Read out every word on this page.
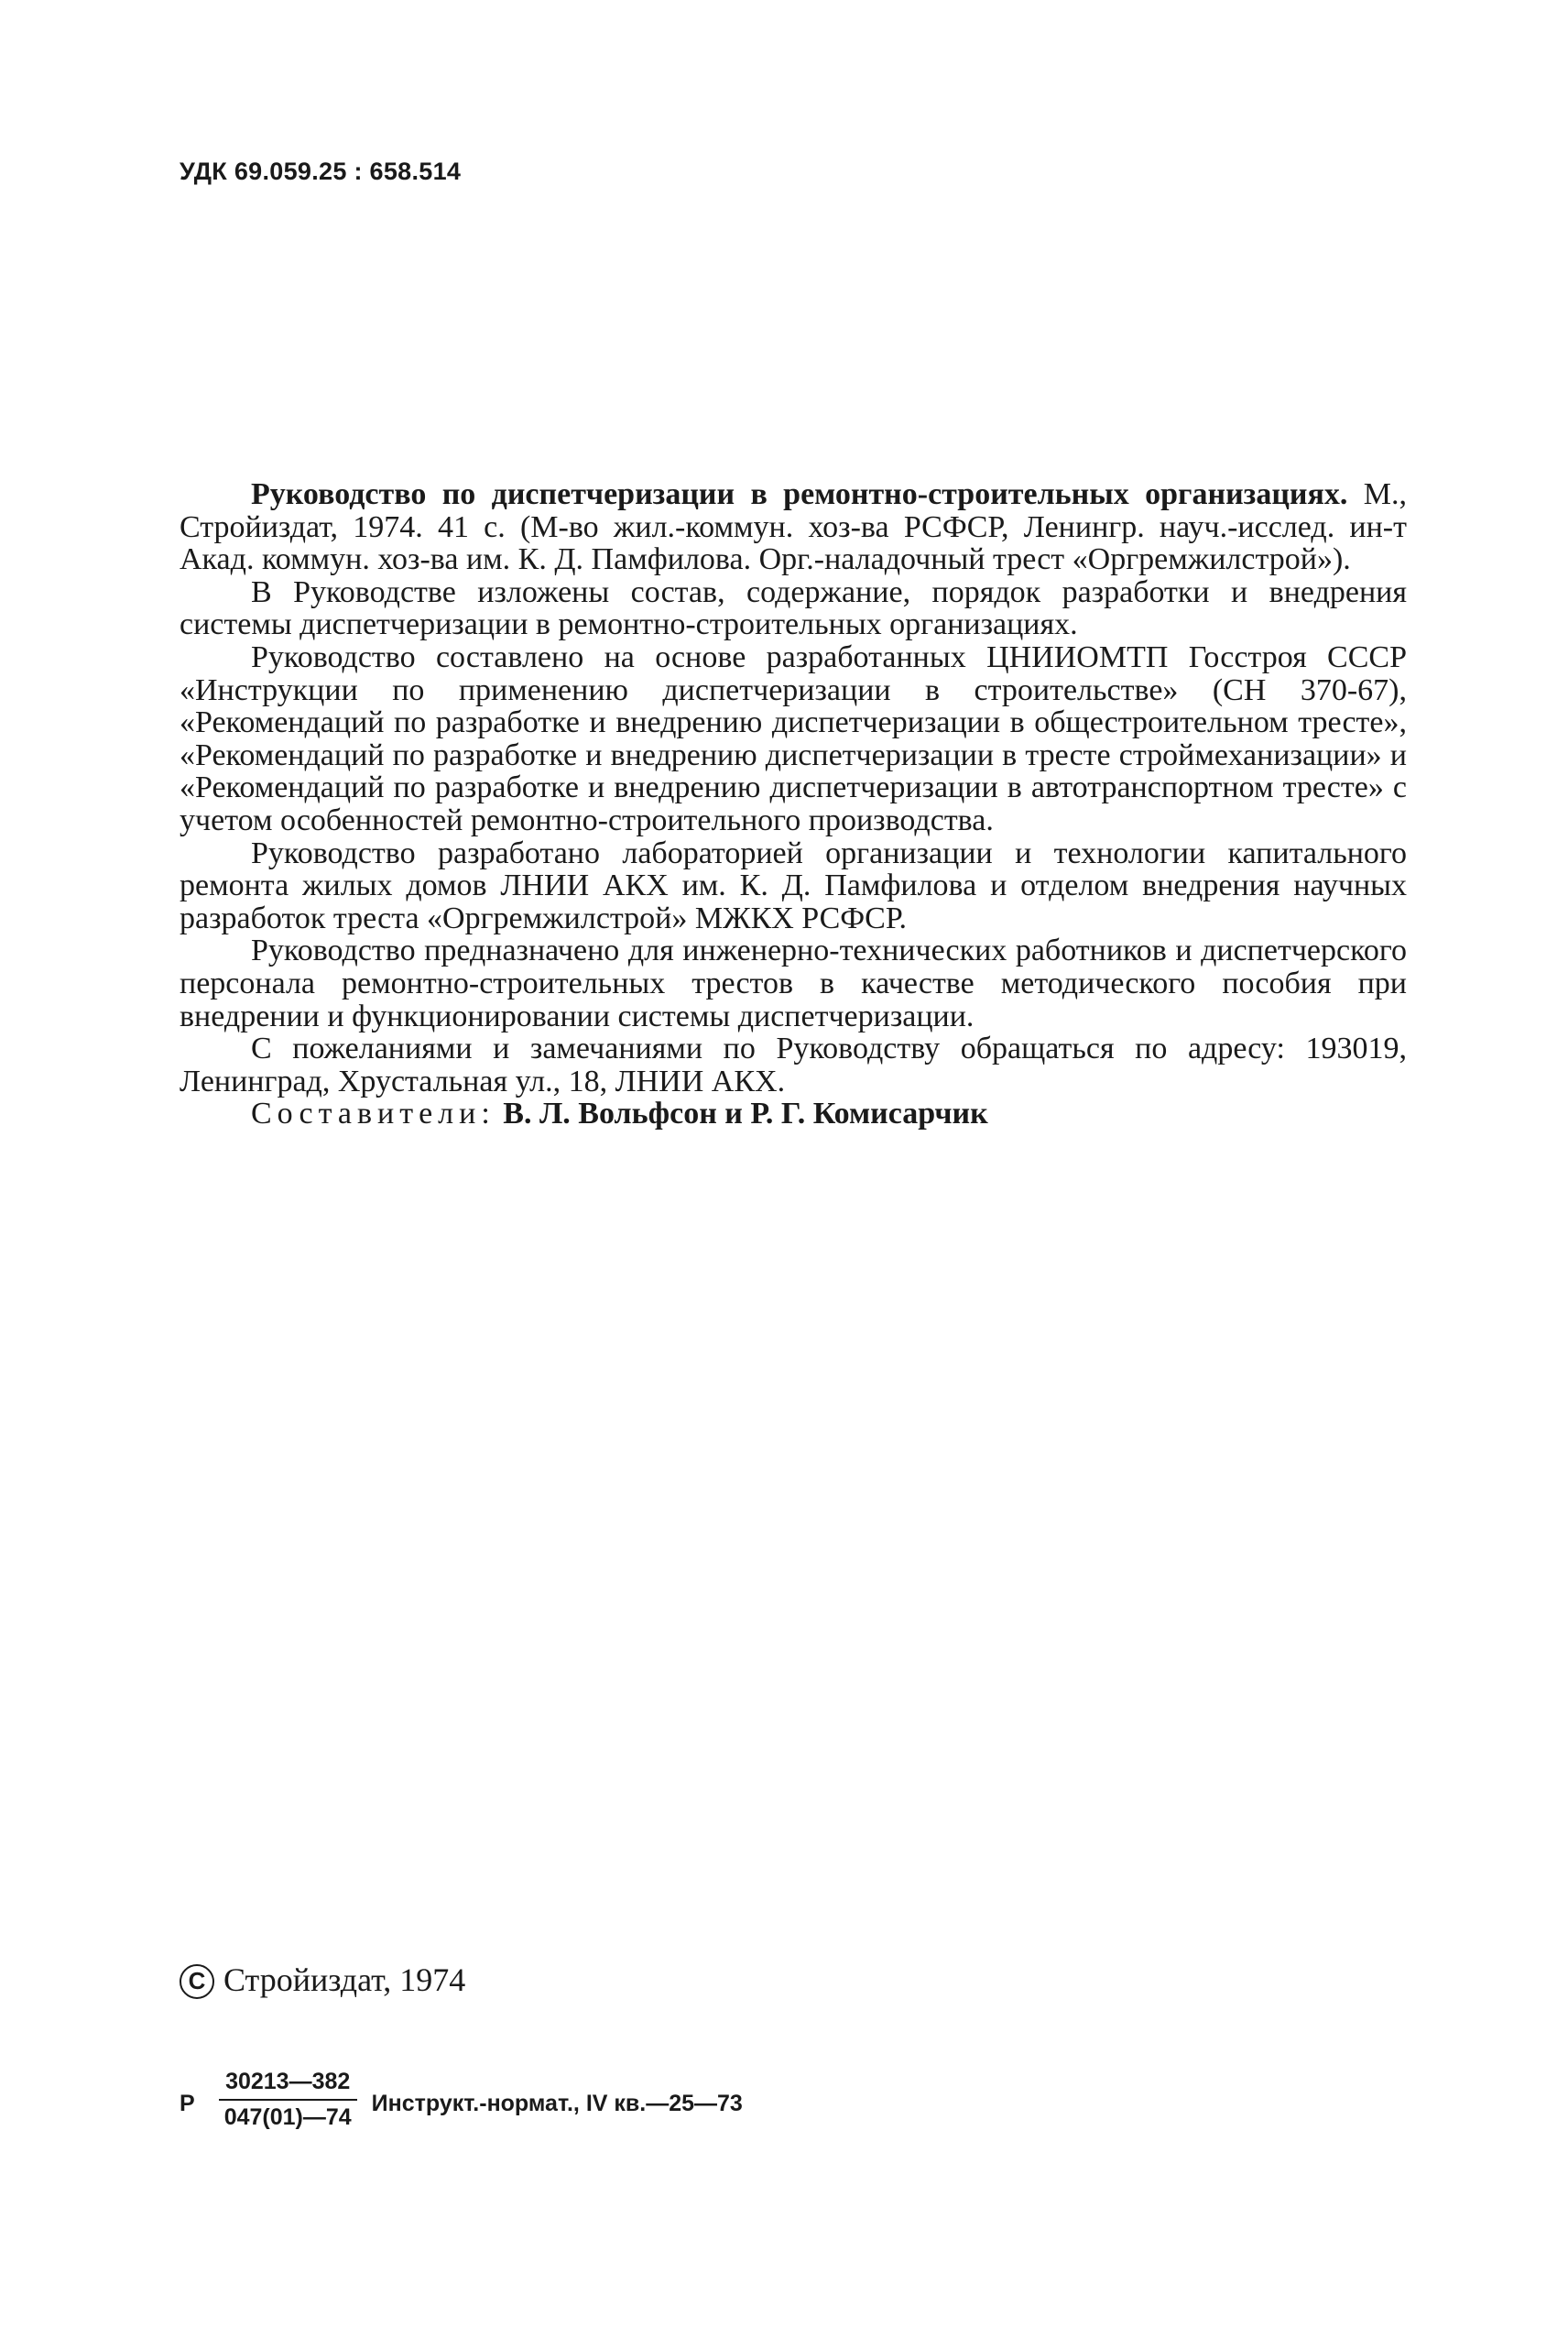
УДК 69.059.25 : 658.514

Руководство по диспетчеризации в ремонтно-строительных организациях. М., Стройиздат, 1974. 41 с. (М-во жил.-коммун. хоз-ва РСФСР, Ленингр. науч.-исслед. ин-т Акад. коммун. хоз-ва им. К. Д. Памфилова. Орг.-наладочный трест «Оргремжилстрой»).

В Руководстве изложены состав, содержание, порядок разработки и внедрения системы диспетчеризации в ремонтно-строительных организациях.

Руководство составлено на основе разработанных ЦНИИОМТП Госстроя СССР «Инструкции по применению диспетчеризации в строительстве» (СН 370-67), «Рекомендаций по разработке и внедрению диспетчеризации в общестроительном тресте», «Рекомендаций по разработке и внедрению диспетчеризации в тресте строймеханизации» и «Рекомендаций по разработке и внедрению диспетчеризации в автотранспортном тресте» с учетом особенностей ремонтно-строительного производства.

Руководство разработано лабораторией организации и технологии капитального ремонта жилых домов ЛНИИ АКХ им. К. Д. Памфилова и отделом внедрения научных разработок треста «Оргремжилстрой» МЖКХ РСФСР.

Руководство предназначено для инженерно-технических работников и диспетчерского персонала ремонтно-строительных трестов в качестве методического пособия при внедрении и функционировании системы диспетчеризации.

С пожеланиями и замечаниями по Руководству обращаться по адресу: 193019, Ленинград, Хрустальная ул., 18, ЛНИИ АКХ.

Составители: В. Л. Вольфсон и Р. Г. Комисарчик

C Стройиздат, 1974
Р $\frac{30213—382}{047(01)—74}$ Инструкт.-нормат., IV кв.—25—73
